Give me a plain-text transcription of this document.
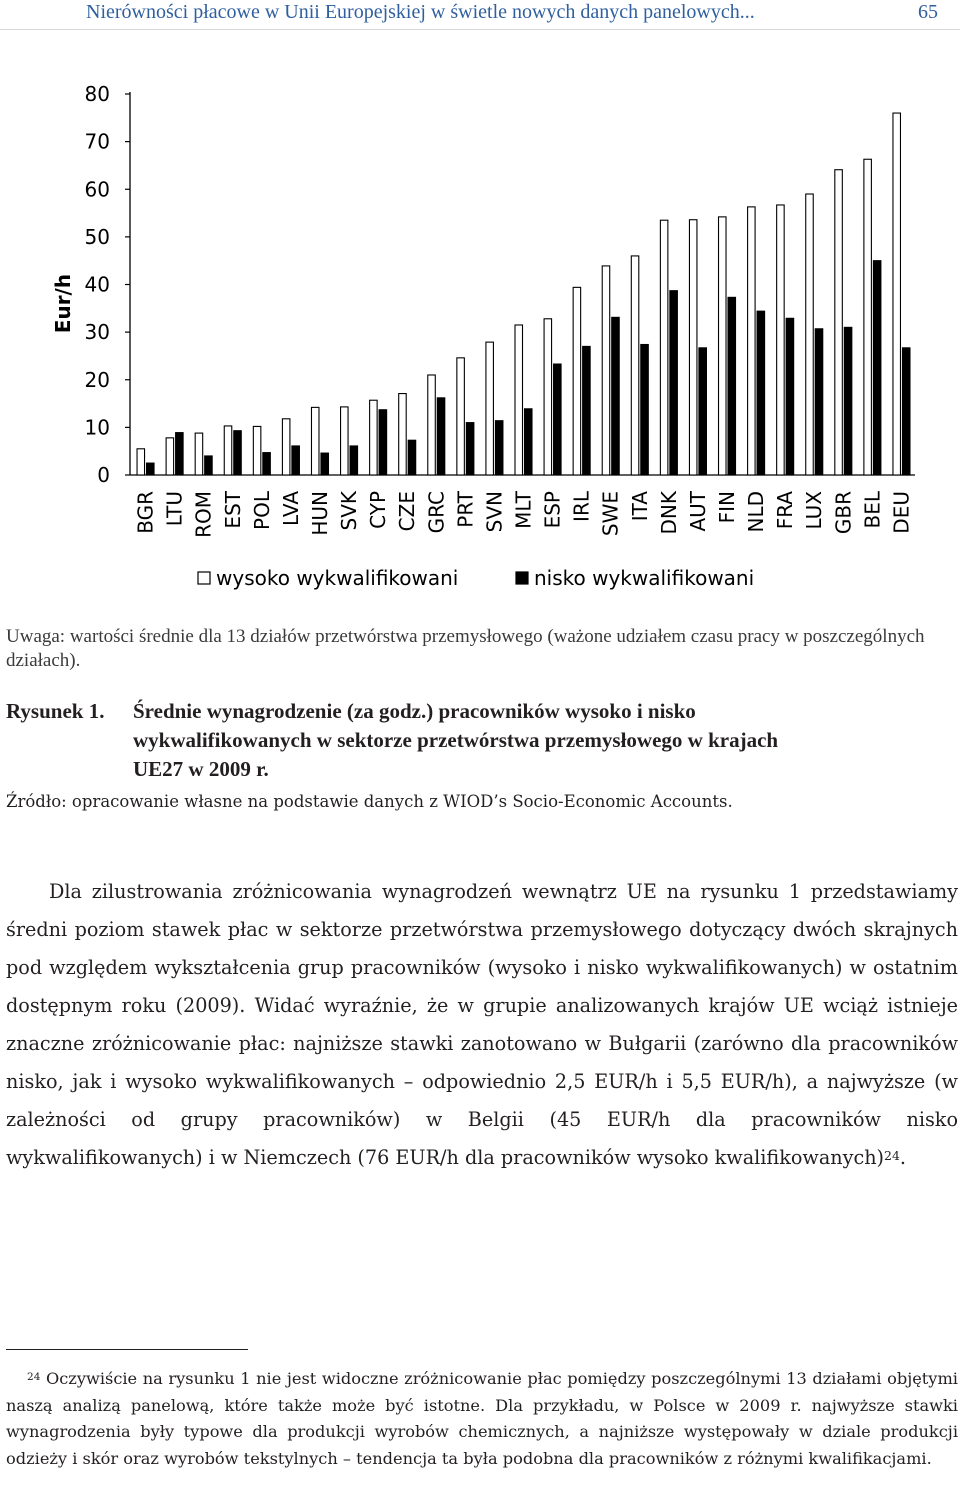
Nierówności płacowe w Unii Europejskiej w świetle nowych danych panelowych...	65
0
10
20
30
40
50
60
70
80
Eur/h
BGR LTU ROM EST POL LVA HUN SVK CYP CZE GRC PRT SVN MLT ESP IRL SWE ITA DNK AUT FIN NLD FRA LUX GBR BEL DEU
wysoko wykwalifikowani	nisko wykwalifikowani
Uwaga: wartości średnie dla 13 działów przetwórstwa przemysłowego (ważone udziałem czasu pracy w poszczególnych działach).
Rysunek 1. Średnie wynagrodzenie (za godz.) pracowników wysoko i nisko
wykwalifikowanych w sektorze przetwórstwa przemysłowego w krajach
UE27 w 2009 r.
Źródło: opracowanie własne na podstawie danych z WIOD’s Socio-Economic Accounts.

Dla zilustrowania zróżnicowania wynagrodzeń wewnątrz UE na rysunku 1 przedstawiamy średni poziom stawek płac w sektorze przetwórstwa przemysłowego dotyczący dwóch skrajnych pod względem wykształcenia grup pracowników (wysoko i nisko wykwalifikowanych) w ostatnim dostępnym roku (2009). Widać wyraźnie, że w grupie analizowanych krajów UE wciąż istnieje znaczne zróżnicowanie płac: najniższe stawki zanotowano w Bułgarii (zarówno dla pracowników nisko, jak i wysoko wykwalifikowanych – odpowiednio 2,5 EUR/h i 5,5 EUR/h), a najwyższe (w zależności od grupy pracowników) w Belgii (45 EUR/h dla pracowników nisko wykwalifikowanych) i w Niemczech (76 EUR/h dla pracowników wysoko kwalifikowanych)$^{24}$.

$^{24}$ Oczywiście na rysunku 1 nie jest widoczne zróżnicowanie płac pomiędzy poszczególnymi 13 działami objętymi naszą analizą panelową, które także może być istotne. Dla przykładu, w Polsce w 2009 r. najwyższe stawki wynagrodzenia były typowe dla produkcji wyrobów chemicznych, a najniższe występowały w dziale produkcji odzieży i skór oraz wyrobów tekstylnych – tendencja ta była podobna dla pracowników z różnymi kwalifikacjami.
